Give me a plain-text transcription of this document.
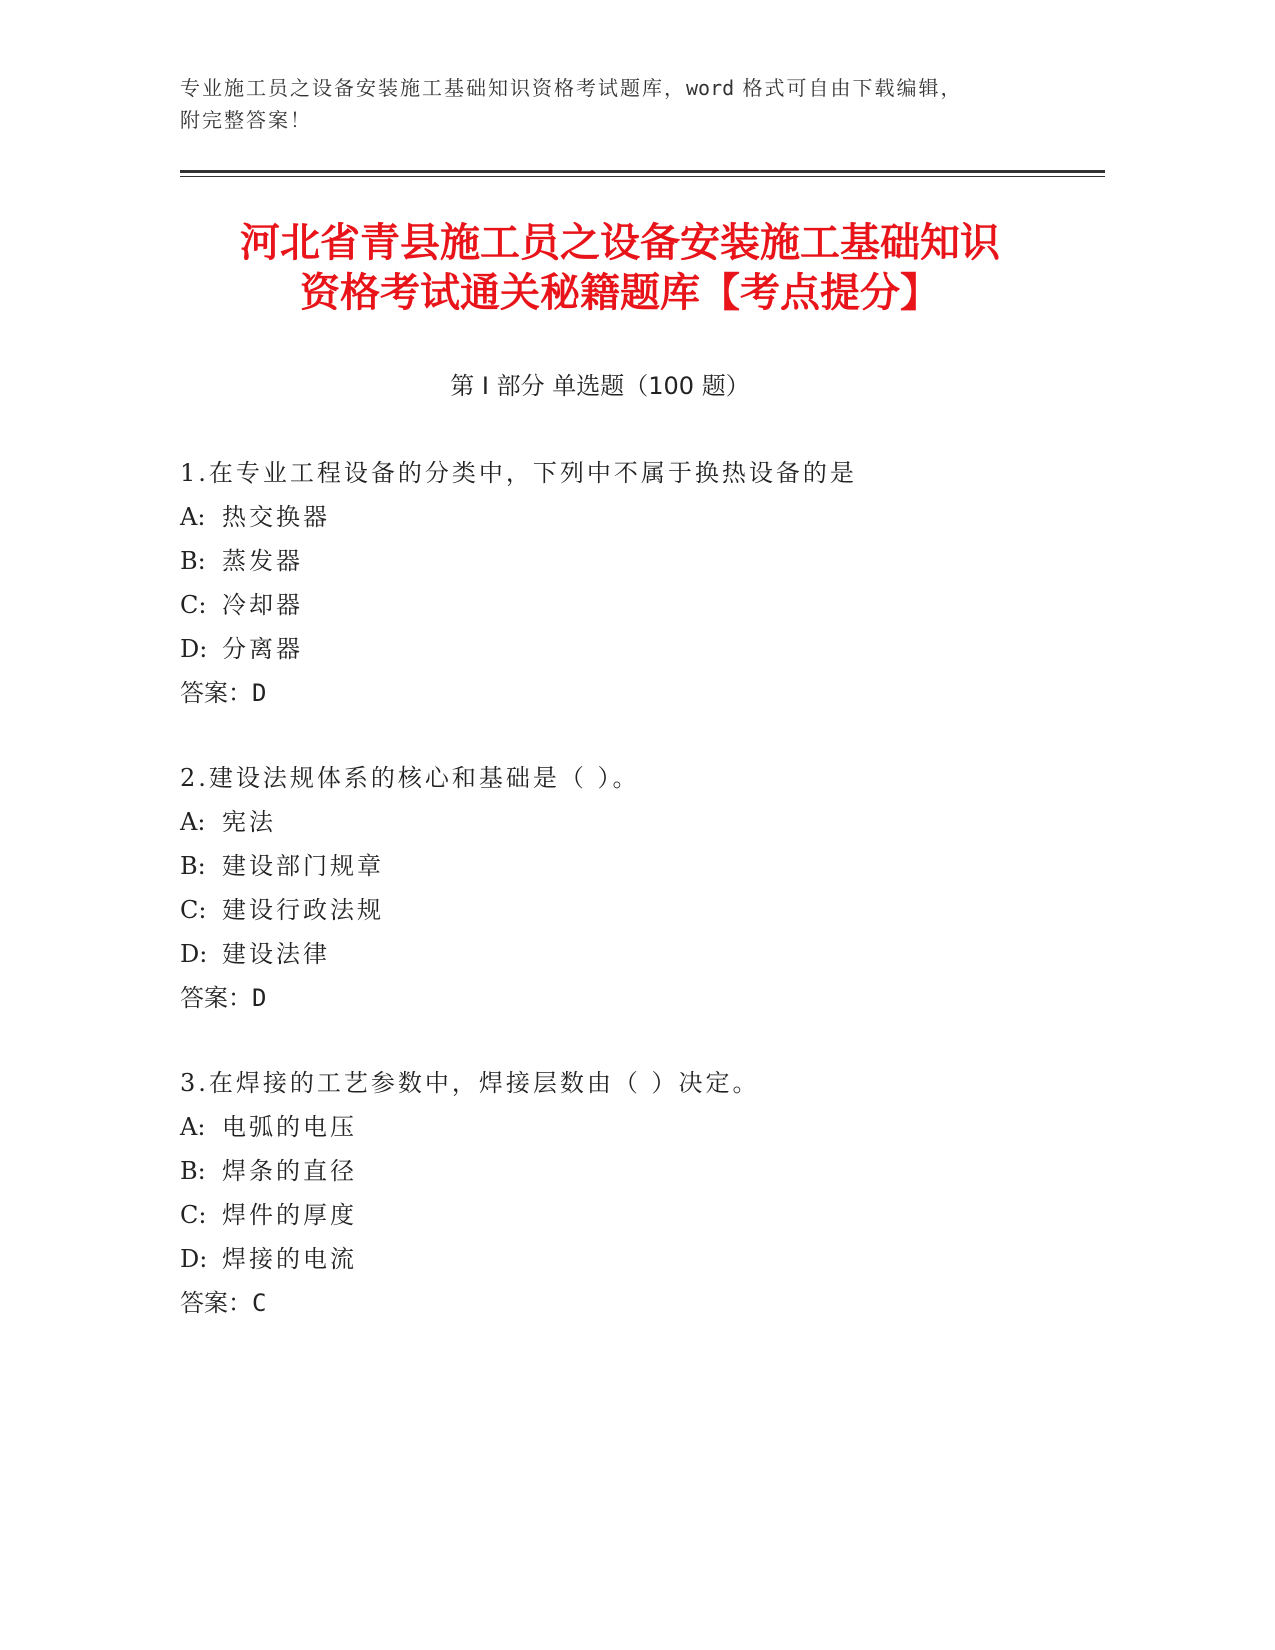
专业施工员之设备安装施工基础知识资格考试题库，word 格式可自由下载编辑，
附完整答案！
河北省青县施工员之设备安装施工基础知识
资格考试通关秘籍题库【考点提分】
第 I 部分 单选题（100 题）
1.在专业工程设备的分类中，下列中不属于换热设备的是
A: 热交换器
B: 蒸发器
C: 冷却器
D: 分离器
答案：D
2.建设法规体系的核心和基础是（ ）。
A: 宪法
B: 建设部门规章
C: 建设行政法规
D: 建设法律
答案：D
3.在焊接的工艺参数中，焊接层数由（ ）决定。
A: 电弧的电压
B: 焊条的直径
C: 焊件的厚度
D: 焊接的电流
答案：C
